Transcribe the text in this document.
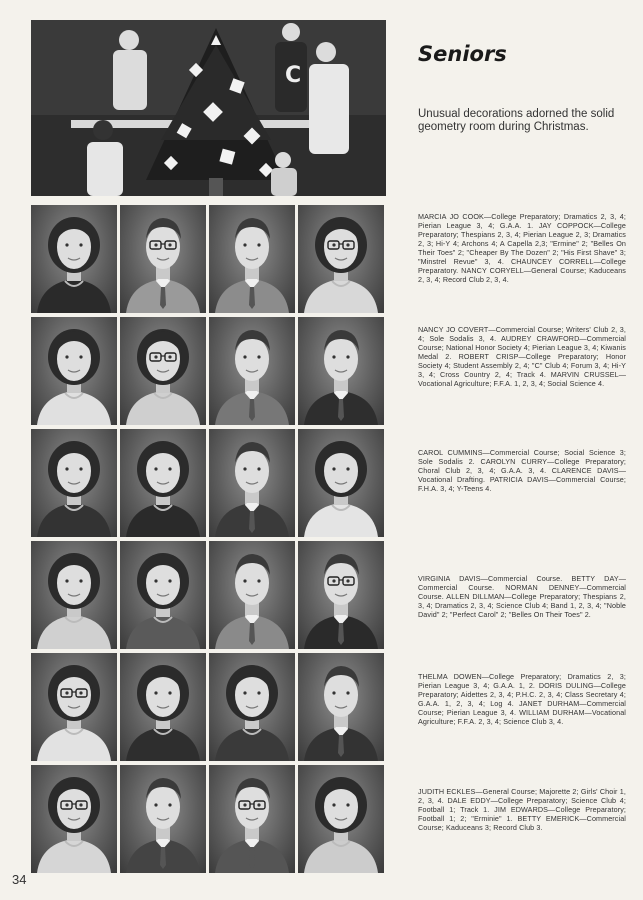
C
Seniors

Unusual decorations adorned the solid geometry room during Christmas.

MARCIA JO COOK—College Preparatory; Dramatics 2, 3, 4; Pierian League 3, 4; G.A.A. 1. JAY COPPOCK—College Preparatory; Thespians 2, 3, 4; Pierian League 2, 3; Dramatics 2, 3; Hi-Y 4; Archons 4; A Capella 2,3; "Ermine" 2; "Belles On Their Toes" 2; "Cheaper By The Dozen" 2; "His First Shave" 3; "Minstrel Revue" 3, 4. CHAUNCEY CORRELL—College Preparatory. NANCY CORYELL—General Course; Kaduceans 2, 3, 4; Record Club 2, 3, 4.

NANCY JO COVERT—Commercial Course; Writers' Club 2, 3, 4; Sole Sodalis 3, 4. AUDREY CRAWFORD—Commercial Course; National Honor Society 4; Pierian League 3, 4; Kiwanis Medal 2. ROBERT CRISP—College Preparatory; Honor Society 4; Student Assembly 2, 4; "C" Club 4; Forum 3, 4; Hi-Y 3, 4; Cross Country 2, 4; Track 4. MARVIN CRUSSEL—Vocational Agriculture; F.F.A. 1, 2, 3, 4; Social Science 4.

CAROL CUMMINS—Commercial Course; Social Science 3; Sole Sodalis 2. CAROLYN CURRY—College Preparatory; Choral Club 2, 3, 4; G.A.A. 3, 4. CLARENCE DAVIS—Vocational Drafting. PATRICIA DAVIS—Commercial Course; F.H.A. 3, 4; Y-Teens 4.

VIRGINIA DAVIS—Commercial Course. BETTY DAY—Commercial Course. NORMAN DENNEY—Commercial Course. ALLEN DILLMAN—College Preparatory; Thespians 2, 3, 4; Dramatics 2, 3, 4; Science Club 4; Band 1, 2, 3, 4; "Noble David" 2; "Perfect Carol" 2; "Belles On Their Toes" 2.

THELMA DOWEN—College Preparatory; Dramatics 2, 3; Pierian League 3, 4; G.A.A. 1, 2. DORIS DULING—College Preparatory; Aidettes 2, 3, 4; P.H.C. 2, 3, 4; Class Secretary 4; G.A.A. 1, 2, 3, 4; Log 4. JANET DURHAM—Commercial Course; Pierian League 3, 4. WILLIAM DURHAM—Vocational Agriculture; F.F.A. 2, 3, 4; Science Club 3, 4.

JUDITH ECKLES—General Course; Majorette 2; Girls' Choir 1, 2, 3, 4. DALE EDDY—College Preparatory; Science Club 4; Football 1; Track 1. JIM EDWARDS—College Preparatory; Football 1; 2; "Erminie" 1. BETTY EMERICK—Commercial Course; Kaduceans 3; Record Club 3.

34
